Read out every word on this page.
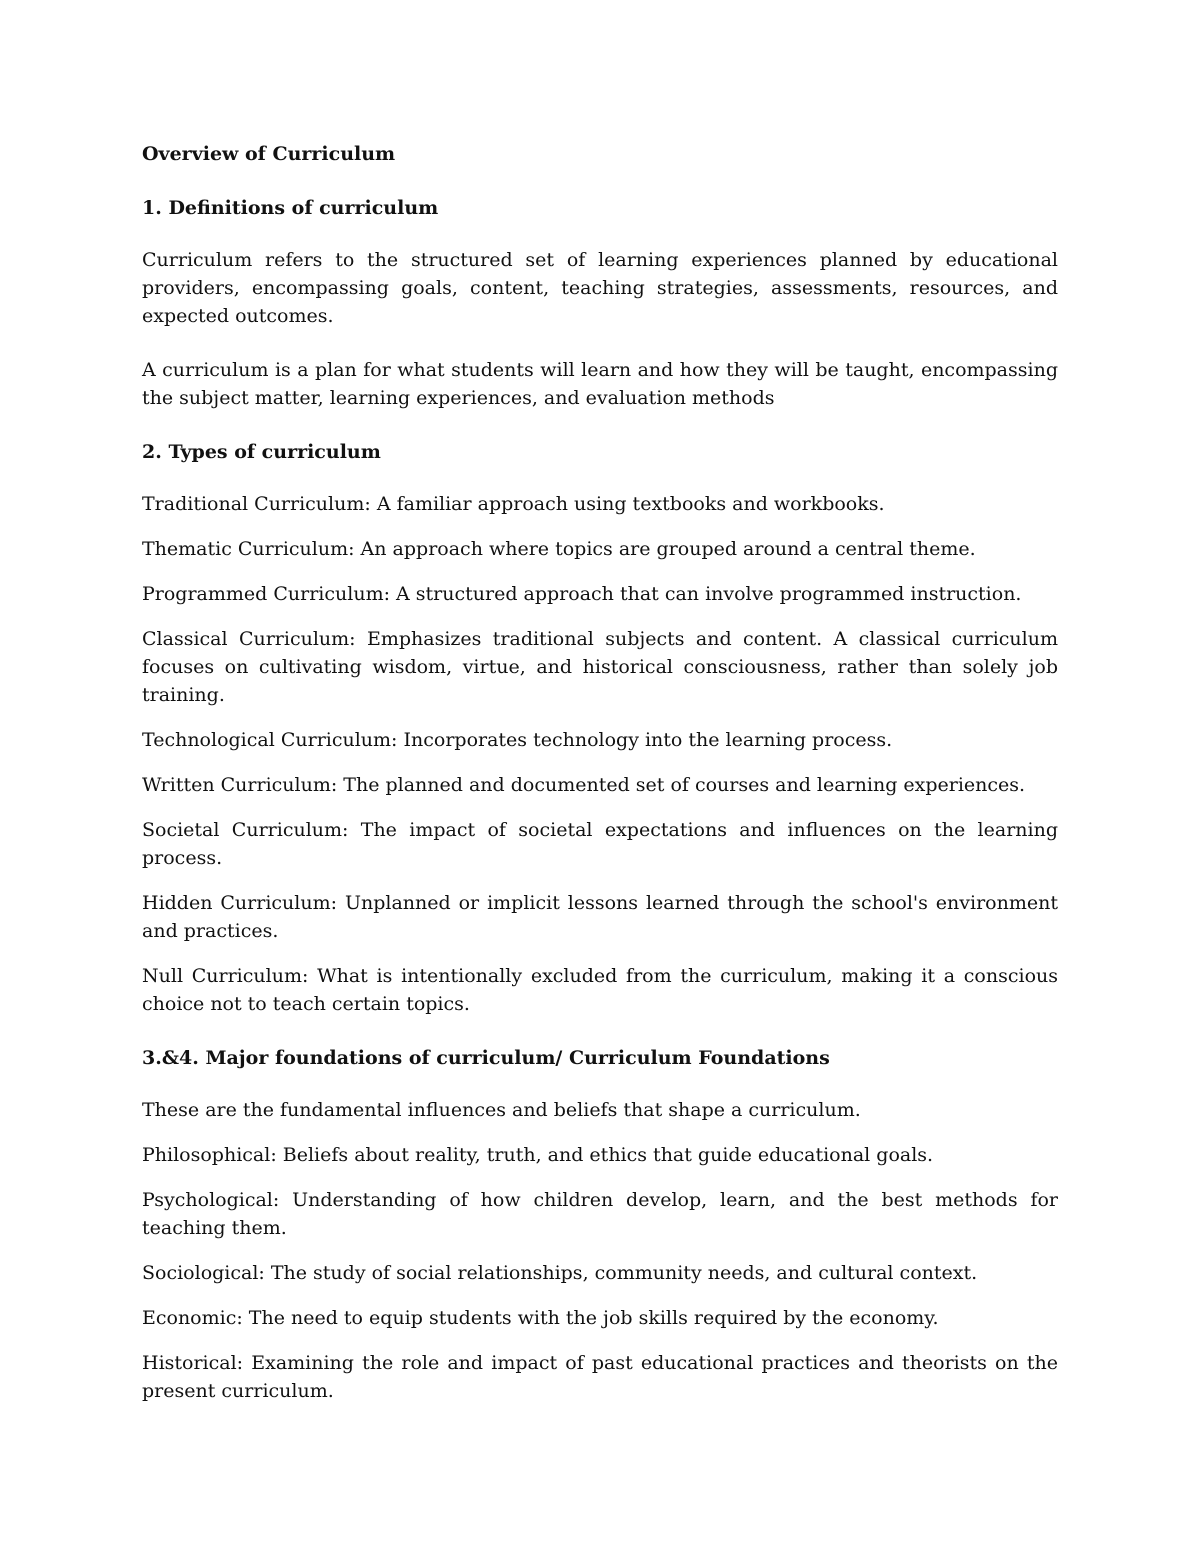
Overview of Curriculum
1. Definitions of curriculum

Curriculum refers to the structured set of learning experiences planned by educational providers, encompassing goals, content, teaching strategies, assessments, resources, and expected outcomes.

A curriculum is a plan for what students will learn and how they will be taught, encompassing the subject matter, learning experiences, and evaluation methods

2. Types of curriculum

Traditional Curriculum: A familiar approach using textbooks and workbooks.

Thematic Curriculum: An approach where topics are grouped around a central theme.

Programmed Curriculum: A structured approach that can involve programmed instruction.

Classical Curriculum: Emphasizes traditional subjects and content. A classical curriculum focuses on cultivating wisdom, virtue, and historical consciousness, rather than solely job training.

Technological Curriculum: Incorporates technology into the learning process.

Written Curriculum: The planned and documented set of courses and learning experiences.

Societal Curriculum: The impact of societal expectations and influences on the learning process.

Hidden Curriculum: Unplanned or implicit lessons learned through the school's environment and practices.

Null Curriculum: What is intentionally excluded from the curriculum, making it a conscious choice not to teach certain topics.

3.&4. Major foundations of curriculum/ Curriculum Foundations

These are the fundamental influences and beliefs that shape a curriculum.

Philosophical: Beliefs about reality, truth, and ethics that guide educational goals.

Psychological: Understanding of how children develop, learn, and the best methods for teaching them.

Sociological: The study of social relationships, community needs, and cultural context.

Economic: The need to equip students with the job skills required by the economy.

Historical: Examining the role and impact of past educational practices and theorists on the present curriculum.
